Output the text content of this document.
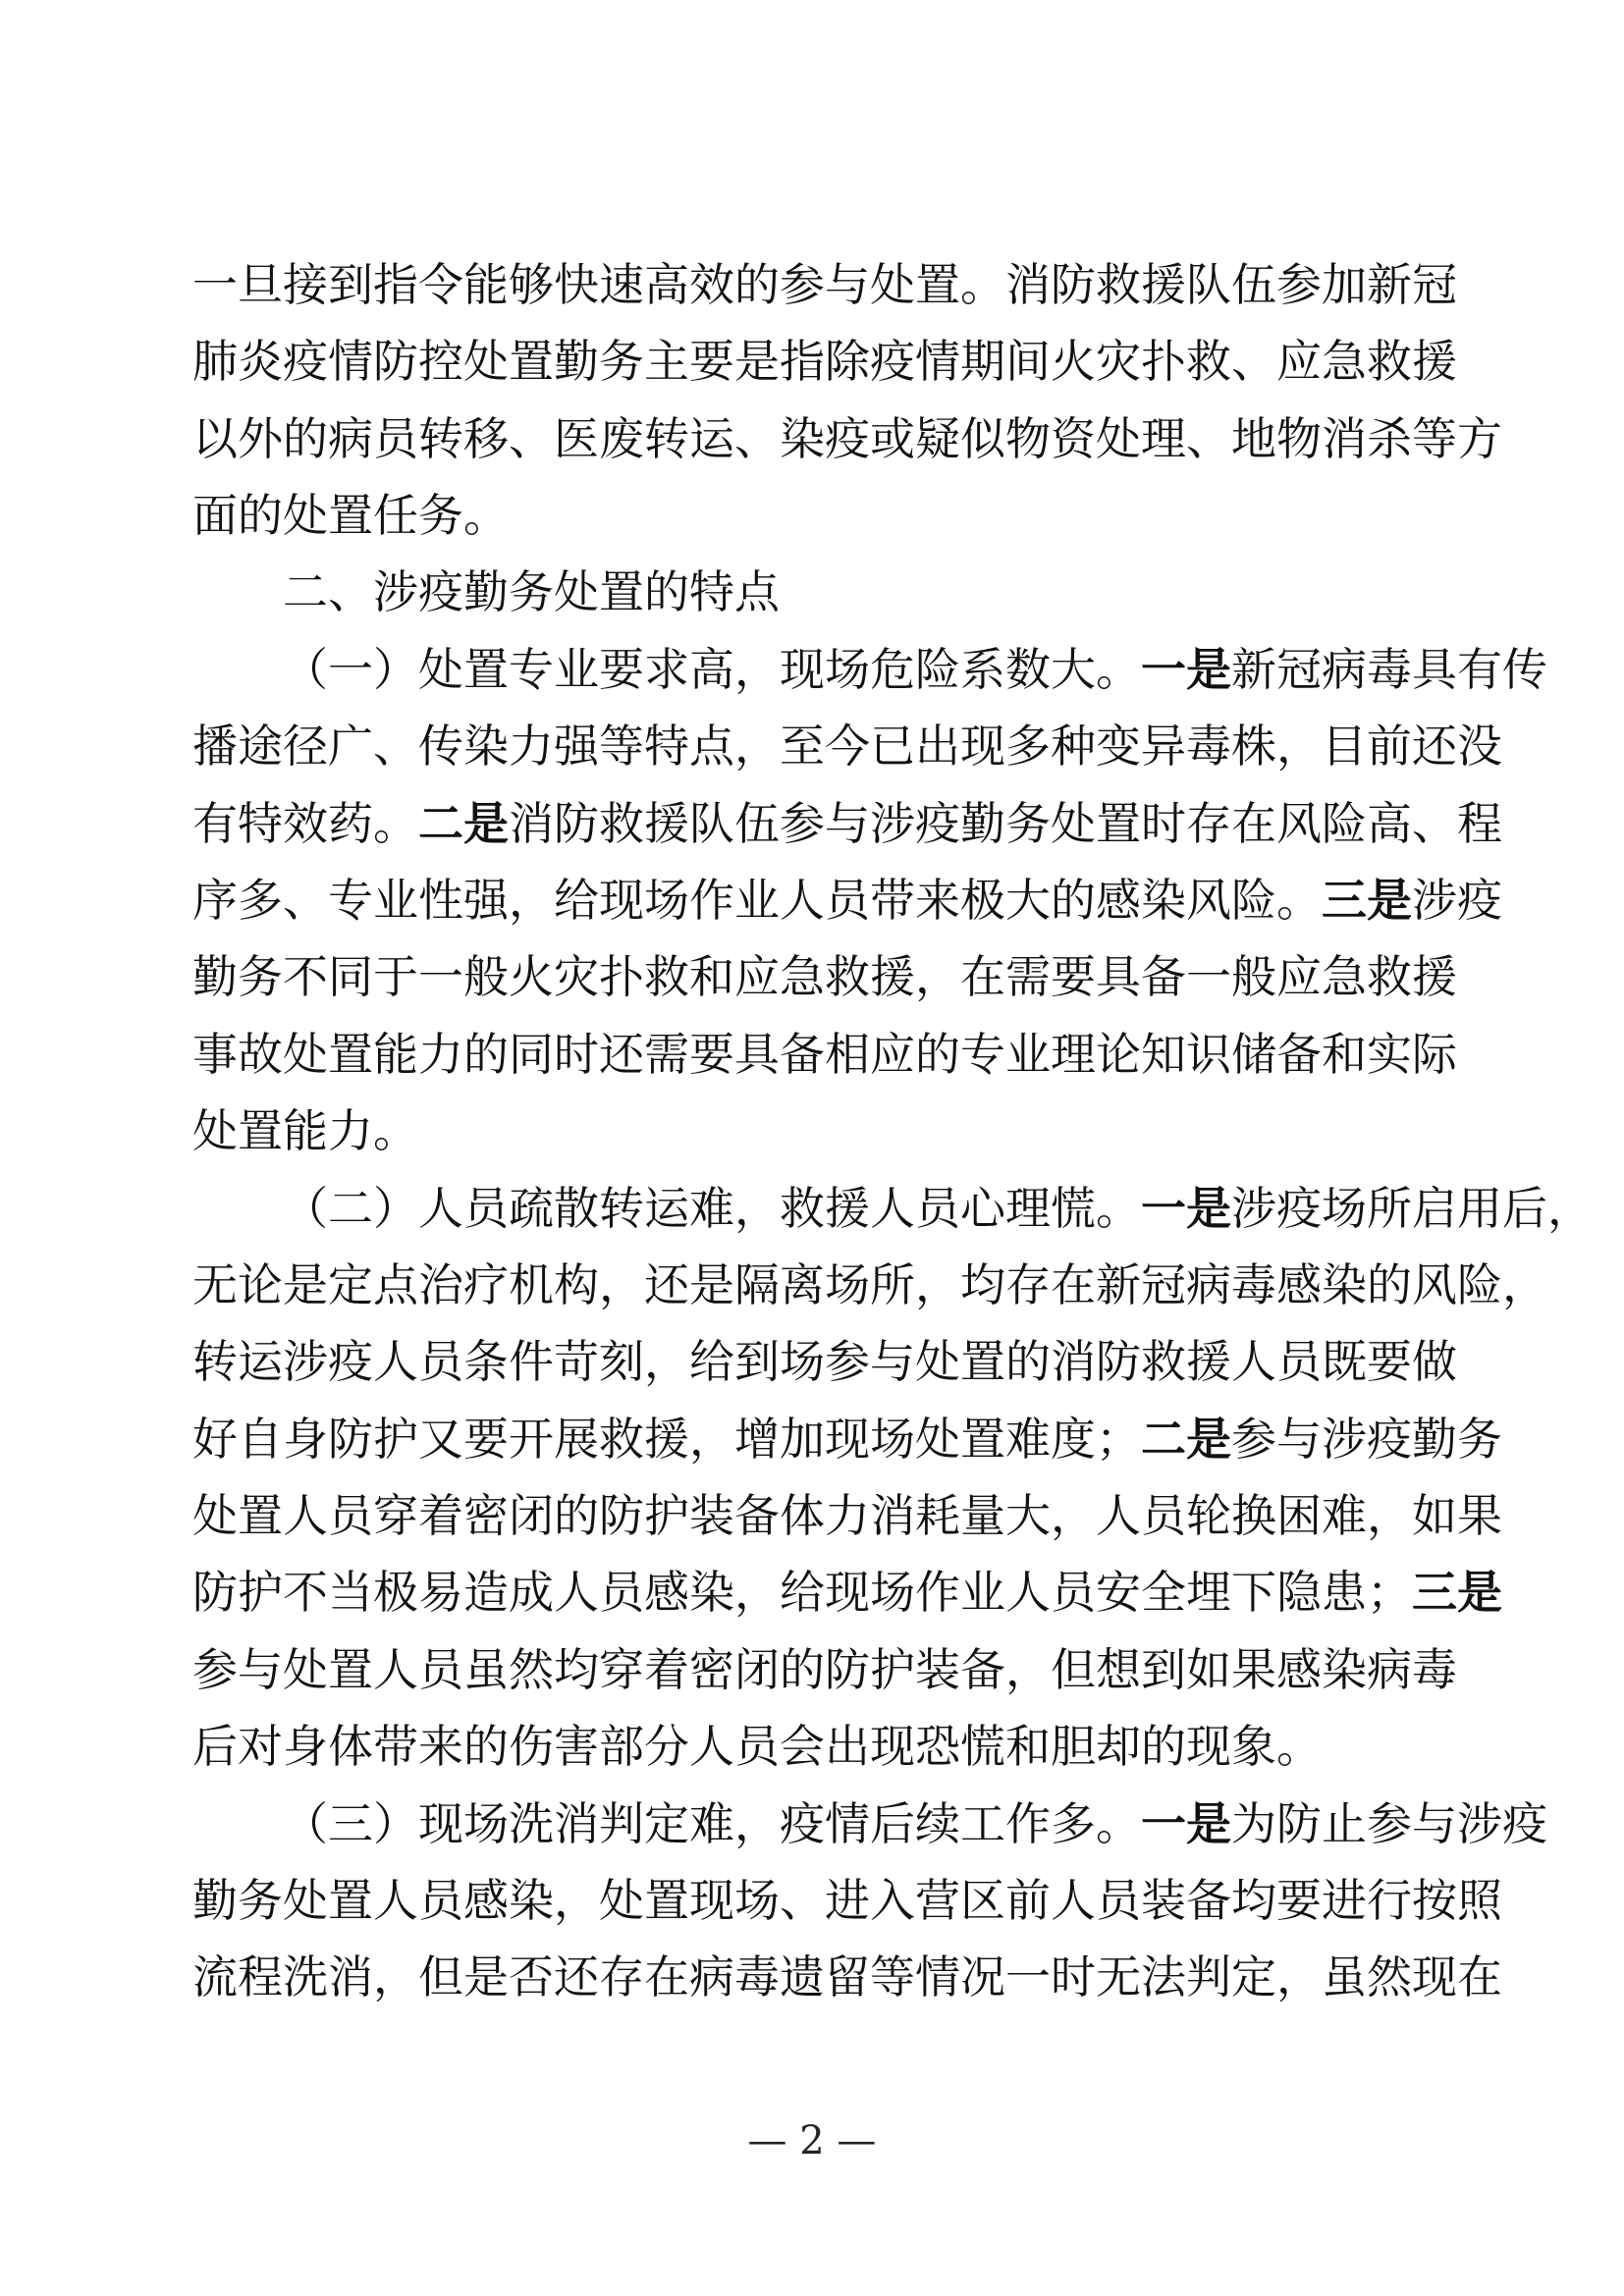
一旦接到指令能够快速高效的参与处置。消防救援队伍参加新冠
肺炎疫情防控处置勤务主要是指除疫情期间火灾扑救、应急救援
以外的病员转移、医废转运、染疫或疑似物资处理、地物消杀等方
面的处置任务。
二、涉疫勤务处置的特点
（一）处置专业要求高，现场危险系数大。一是新冠病毒具有传
播途径广、传染力强等特点，至今已出现多种变异毒株，目前还没
有特效药。二是消防救援队伍参与涉疫勤务处置时存在风险高、程
序多、专业性强，给现场作业人员带来极大的感染风险。三是涉疫
勤务不同于一般火灾扑救和应急救援，在需要具备一般应急救援
事故处置能力的同时还需要具备相应的专业理论知识储备和实际
处置能力。
（二）人员疏散转运难，救援人员心理慌。一是涉疫场所启用后，
无论是定点治疗机构，还是隔离场所，均存在新冠病毒感染的风险，
转运涉疫人员条件苛刻，给到场参与处置的消防救援人员既要做
好自身防护又要开展救援，增加现场处置难度；二是参与涉疫勤务
处置人员穿着密闭的防护装备体力消耗量大，人员轮换困难，如果
防护不当极易造成人员感染，给现场作业人员安全埋下隐患；三是
参与处置人员虽然均穿着密闭的防护装备，但想到如果感染病毒
后对身体带来的伤害部分人员会出现恐慌和胆却的现象。
（三）现场洗消判定难，疫情后续工作多。一是为防止参与涉疫
勤务处置人员感染，处置现场、进入营区前人员装备均要进行按照
流程洗消，但是否还存在病毒遗留等情况一时无法判定，虽然现在
— 2 —
